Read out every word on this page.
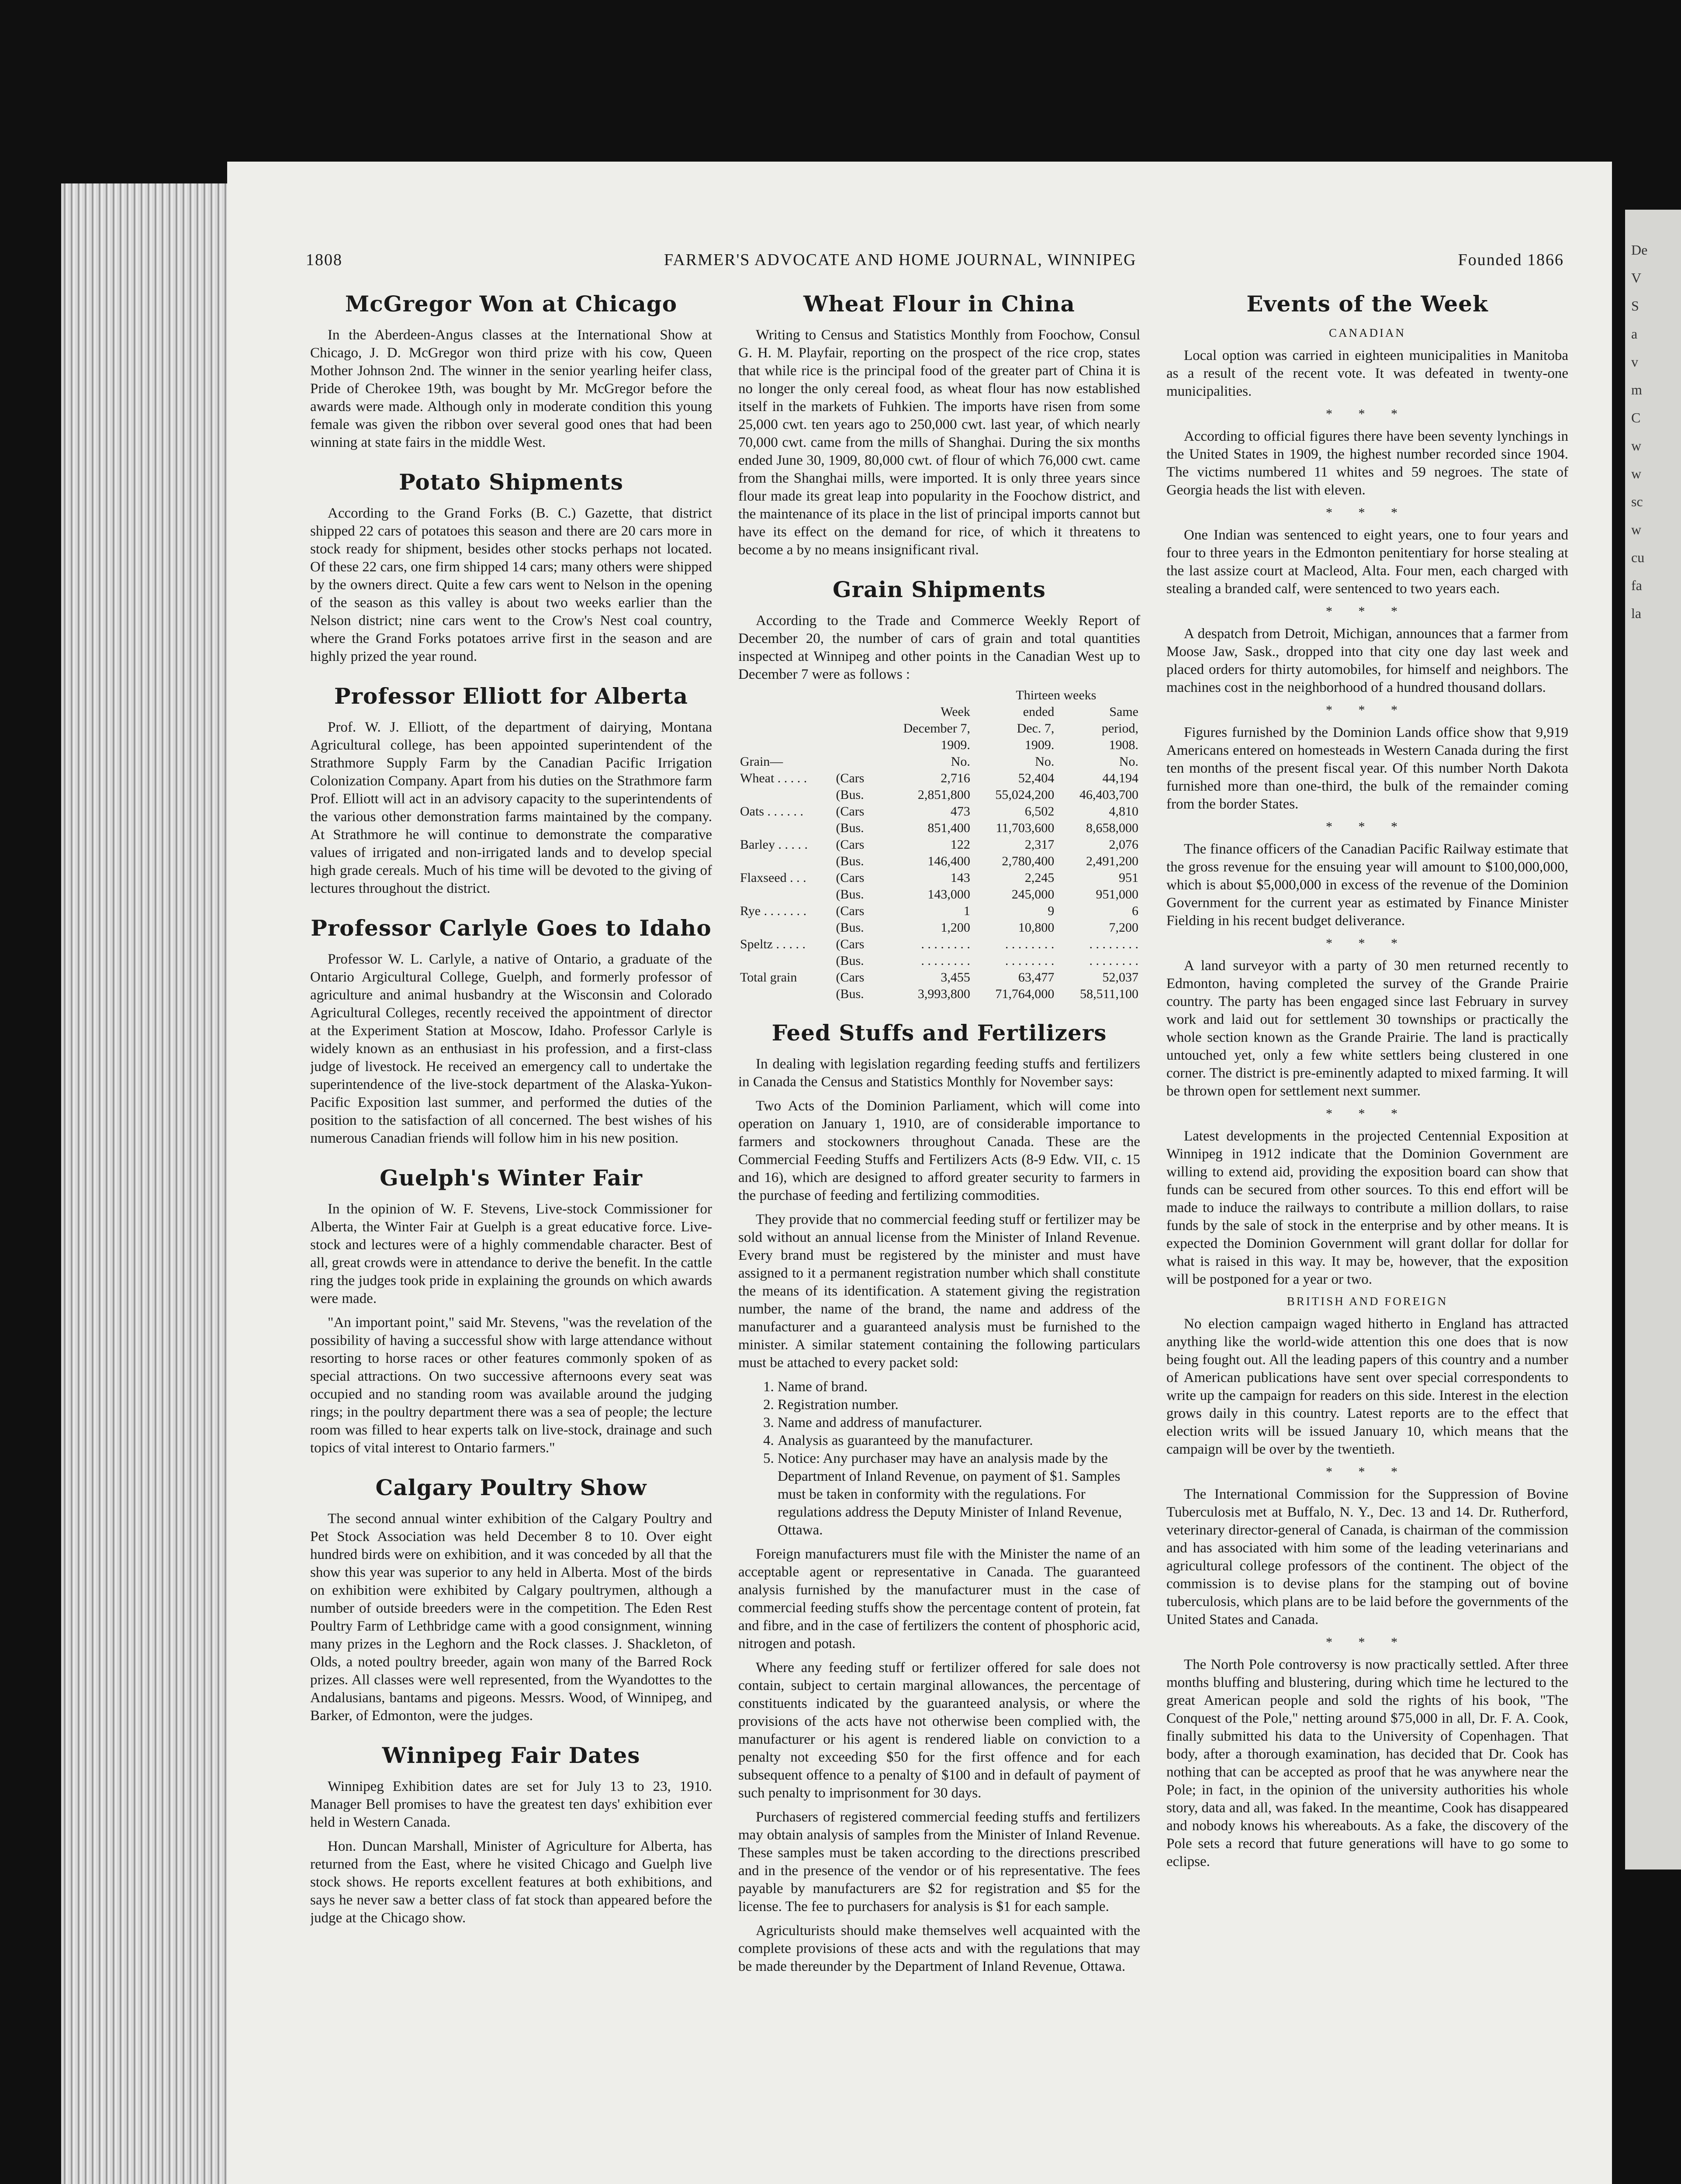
1808	FARMER'S ADVOCATE AND HOME JOURNAL, WINNIPEG	Founded 1866
McGregor Won at Chicago

In the Aberdeen-Angus classes at the International Show at Chicago, J. D. McGregor won third prize with his cow, Queen Mother Johnson 2nd. The winner in the senior yearling heifer class, Pride of Cherokee 19th, was bought by Mr. McGregor before the awards were made. Although only in moderate condition this young female was given the ribbon over several good ones that had been winning at state fairs in the middle West.

Potato Shipments

According to the Grand Forks (B. C.) Gazette, that district shipped 22 cars of potatoes this season and there are 20 cars more in stock ready for shipment, besides other stocks perhaps not located. Of these 22 cars, one firm shipped 14 cars; many others were shipped by the owners direct. Quite a few cars went to Nelson in the opening of the season as this valley is about two weeks earlier than the Nelson district; nine cars went to the Crow's Nest coal country, where the Grand Forks potatoes arrive first in the season and are highly prized the year round.

Professor Elliott for Alberta

Prof. W. J. Elliott, of the department of dairying, Montana Agricultural college, has been appointed superintendent of the Strathmore Supply Farm by the Canadian Pacific Irrigation Colonization Company. Apart from his duties on the Strathmore farm Prof. Elliott will act in an advisory capacity to the superintendents of the various other demonstration farms maintained by the company. At Strathmore he will continue to demonstrate the comparative values of irrigated and non-irrigated lands and to develop special high grade cereals. Much of his time will be devoted to the giving of lectures throughout the district.

Professor Carlyle Goes to Idaho

Professor W. L. Carlyle, a native of Ontario, a graduate of the Ontario Argicultural College, Guelph, and formerly professor of agriculture and animal husbandry at the Wisconsin and Colorado Agricultural Colleges, recently received the appointment of director at the Experiment Station at Moscow, Idaho. Professor Carlyle is widely known as an enthusiast in his profession, and a first-class judge of livestock. He received an emergency call to undertake the superintendence of the live-stock department of the Alaska-Yukon-Pacific Exposition last summer, and performed the duties of the position to the satisfaction of all concerned. The best wishes of his numerous Canadian friends will follow him in his new position.

Guelph's Winter Fair

In the opinion of W. F. Stevens, Live-stock Commissioner for Alberta, the Winter Fair at Guelph is a great educative force. Live-stock and lectures were of a highly commendable character. Best of all, great crowds were in attendance to derive the benefit. In the cattle ring the judges took pride in explaining the grounds on which awards were made.

"An important point," said Mr. Stevens, "was the revelation of the possibility of having a successful show with large attendance without resorting to horse races or other features commonly spoken of as special attractions. On two successive afternoons every seat was occupied and no standing room was available around the judging rings; in the poultry department there was a sea of people; the lecture room was filled to hear experts talk on live-stock, drainage and such topics of vital interest to Ontario farmers."

Calgary Poultry Show

The second annual winter exhibition of the Calgary Poultry and Pet Stock Association was held December 8 to 10. Over eight hundred birds were on exhibition, and it was conceded by all that the show this year was superior to any held in Alberta. Most of the birds on exhibition were exhibited by Calgary poultrymen, although a number of outside breeders were in the competition. The Eden Rest Poultry Farm of Lethbridge came with a good consignment, winning many prizes in the Leghorn and the Rock classes. J. Shackleton, of Olds, a noted poultry breeder, again won many of the Barred Rock prizes. All classes were well represented, from the Wyandottes to the Andalusians, bantams and pigeons. Messrs. Wood, of Winnipeg, and Barker, of Edmonton, were the judges.

Winnipeg Fair Dates

Winnipeg Exhibition dates are set for July 13 to 23, 1910. Manager Bell promises to have the greatest ten days' exhibition ever held in Western Canada.

Hon. Duncan Marshall, Minister of Agriculture for Alberta, has returned from the East, where he visited Chicago and Guelph live stock shows. He reports excellent features at both exhibitions, and says he never saw a better class of fat stock than appeared before the judge at the Chicago show.

Wheat Flour in China

Writing to Census and Statistics Monthly from Foochow, Consul G. H. M. Playfair, reporting on the prospect of the rice crop, states that while rice is the principal food of the greater part of China it is no longer the only cereal food, as wheat flour has now established itself in the markets of Fuhkien. The imports have risen from some 25,000 cwt. ten years ago to 250,000 cwt. last year, of which nearly 70,000 cwt. came from the mills of Shanghai. During the six months ended June 30, 1909, 80,000 cwt. of flour of which 76,000 cwt. came from the Shanghai mills, were imported. It is only three years since flour made its great leap into popularity in the Foochow district, and the maintenance of its place in the list of principal imports cannot but have its effect on the demand for rice, of which it threatens to become a by no means insignificant rival.

Grain Shipments
According to the Trade and Commerce Weekly Report of December 20, the number of cars of grain and total quantities inspected at Winnipeg and other points in the Canadian West up to December 7 were as follows :
			Thirteen weeks	
		Week	ended	Same
		December 7,	Dec. 7,	period,
		1909.	1909.	1908.
Grain—		No.	No.	No.
Wheat . . . . .	(Cars	2,716	52,404	44,194
	(Bus.	2,851,800	55,024,200	46,403,700
Oats . . . . . .	(Cars	473	6,502	4,810
	(Bus.	851,400	11,703,600	8,658,000
Barley . . . . .	(Cars	122	2,317	2,076
	(Bus.	146,400	2,780,400	2,491,200
Flaxseed . . .	(Cars	143	2,245	951
	(Bus.	143,000	245,000	951,000
Rye . . . . . . .	(Cars	1	9	6
	(Bus.	1,200	10,800	7,200
Speltz . . . . .	(Cars	. . . . . . . .	. . . . . . . .	. . . . . . . .
	(Bus.	. . . . . . . .	. . . . . . . .	. . . . . . . .
Total grain	(Cars	3,455	63,477	52,037
	(Bus.	3,993,800	71,764,000	58,511,100
Feed Stuffs and Fertilizers

In dealing with legislation regarding feeding stuffs and fertilizers in Canada the Census and Statistics Monthly for November says:

Two Acts of the Dominion Parliament, which will come into operation on January 1, 1910, are of considerable importance to farmers and stockowners throughout Canada. These are the Commercial Feeding Stuffs and Fertilizers Acts (8-9 Edw. VII, c. 15 and 16), which are designed to afford greater security to farmers in the purchase of feeding and fertilizing commodities.

They provide that no commercial feeding stuff or fertilizer may be sold without an annual license from the Minister of Inland Revenue. Every brand must be registered by the minister and must have assigned to it a permanent registration number which shall constitute the means of its identification. A statement giving the registration number, the name of the brand, the name and address of the manufacturer and a guaranteed analysis must be furnished to the minister. A similar statement containing the following particulars must be attached to every packet sold:

1. Name of brand.
2. Registration number.
3. Name and address of manufacturer.
4. Analysis as guaranteed by the manufacturer.
5. Notice: Any purchaser may have an analysis made by the Department of Inland Revenue, on payment of $1. Samples must be taken in conformity with the regulations. For regulations address the Deputy Minister of Inland Revenue, Ottawa.

Foreign manufacturers must file with the Minister the name of an acceptable agent or representative in Canada. The guaranteed analysis furnished by the manufacturer must in the case of commercial feeding stuffs show the percentage content of protein, fat and fibre, and in the case of fertilizers the content of phosphoric acid, nitrogen and potash.

Where any feeding stuff or fertilizer offered for sale does not contain, subject to certain marginal allowances, the percentage of constituents indicated by the guaranteed analysis, or where the provisions of the acts have not otherwise been complied with, the manufacturer or his agent is rendered liable on conviction to a penalty not exceeding $50 for the first offence and for each subsequent offence to a penalty of $100 and in default of payment of such penalty to imprisonment for 30 days.

Purchasers of registered commercial feeding stuffs and fertilizers may obtain analysis of samples from the Minister of Inland Revenue. These samples must be taken according to the directions prescribed and in the presence of the vendor or of his representative. The fees payable by manufacturers are $2 for registration and $5 for the license. The fee to purchasers for analysis is $1 for each sample.

Agriculturists should make themselves well acquainted with the complete provisions of these acts and with the regulations that may be made thereunder by the Department of Inland Revenue, Ottawa.

Events of the Week
CANADIAN

Local option was carried in eighteen municipalities in Manitoba as a result of the recent vote. It was defeated in twenty-one municipalities.

* * *

According to official figures there have been seventy lynchings in the United States in 1909, the highest number recorded since 1904. The victims numbered 11 whites and 59 negroes. The state of Georgia heads the list with eleven.

* * *

One Indian was sentenced to eight years, one to four years and four to three years in the Edmonton penitentiary for horse stealing at the last assize court at Macleod, Alta. Four men, each charged with stealing a branded calf, were sentenced to two years each.

* * *

A despatch from Detroit, Michigan, announces that a farmer from Moose Jaw, Sask., dropped into that city one day last week and placed orders for thirty automobiles, for himself and neighbors. The machines cost in the neighborhood of a hundred thousand dollars.

* * *

Figures furnished by the Dominion Lands office show that 9,919 Americans entered on homesteads in Western Canada during the first ten months of the present fiscal year. Of this number North Dakota furnished more than one-third, the bulk of the remainder coming from the border States.

* * *

The finance officers of the Canadian Pacific Railway estimate that the gross revenue for the ensuing year will amount to $100,000,000, which is about $5,000,000 in excess of the revenue of the Dominion Government for the current year as estimated by Finance Minister Fielding in his recent budget deliverance.

* * *

A land surveyor with a party of 30 men returned recently to Edmonton, having completed the survey of the Grande Prairie country. The party has been engaged since last February in survey work and laid out for settlement 30 townships or practically the whole section known as the Grande Prairie. The land is practically untouched yet, only a few white settlers being clustered in one corner. The district is pre-eminently adapted to mixed farming. It will be thrown open for settlement next summer.

* * *

Latest developments in the projected Centennial Exposition at Winnipeg in 1912 indicate that the Dominion Government are willing to extend aid, providing the exposition board can show that funds can be secured from other sources. To this end effort will be made to induce the railways to contribute a million dollars, to raise funds by the sale of stock in the enterprise and by other means. It is expected the Dominion Government will grant dollar for dollar for what is raised in this way. It may be, however, that the exposition will be postponed for a year or two.

BRITISH AND FOREIGN

No election campaign waged hitherto in England has attracted anything like the world-wide attention this one does that is now being fought out. All the leading papers of this country and a number of American publications have sent over special correspondents to write up the campaign for readers on this side. Interest in the election grows daily in this country. Latest reports are to the effect that election writs will be issued January 10, which means that the campaign will be over by the twentieth.

* * *

The International Commission for the Suppression of Bovine Tuberculosis met at Buffalo, N. Y., Dec. 13 and 14. Dr. Rutherford, veterinary director-general of Canada, is chairman of the commission and has associated with him some of the leading veterinarians and agricultural college professors of the continent. The object of the commission is to devise plans for the stamping out of bovine tuberculosis, which plans are to be laid before the governments of the United States and Canada.

* * *

The North Pole controversy is now practically settled. After three months bluffing and blustering, during which time he lectured to the great American people and sold the rights of his book, "The Conquest of the Pole," netting around $75,000 in all, Dr. F. A. Cook, finally submitted his data to the University of Copenhagen. That body, after a thorough examination, has decided that Dr. Cook has nothing that can be accepted as proof that he was anywhere near the Pole; in fact, in the opinion of the university authorities his whole story, data and all, was faked. In the meantime, Cook has disappeared and nobody knows his whereabouts. As a fake, the discovery of the Pole sets a record that future generations will have to go some to eclipse.

De
V
S
a
v
m
C
w
w
sc
w
cu
fa
la
